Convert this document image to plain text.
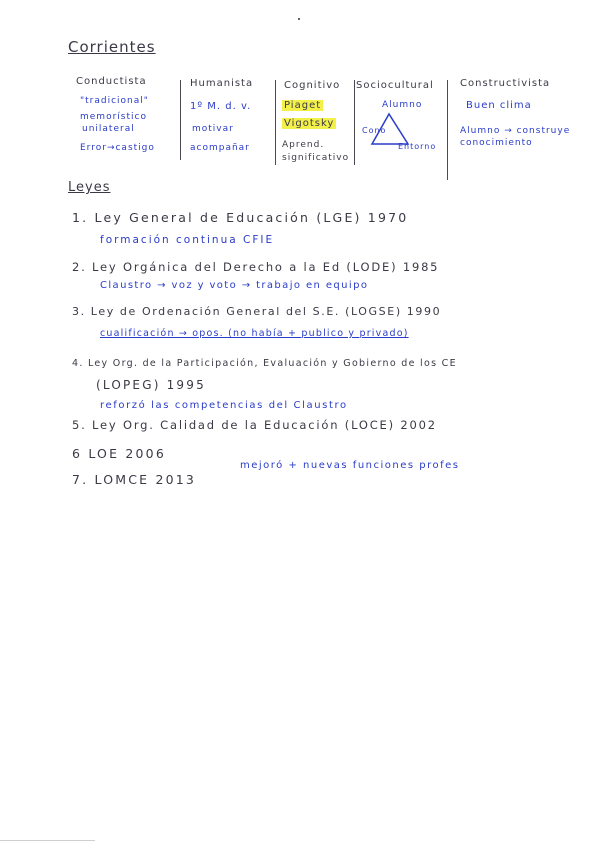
Corrientes
Conductista
"tradicional"
memorístico
unilateral
Error→castigo
Humanista
1º M. d. v.
motivar
acompañar
Cognitivo
Piaget
Vigotsky
Aprend.
significativo
Sociocultural
Alumno
Cono
Entorno
Constructivista
Buen clima
Alumno → construye
conocimiento
Leyes
1. Ley General de Educación (LGE) 1970
formación continua CFIE
2. Ley Orgánica del Derecho a la Ed (LODE) 1985
Claustro → voz y voto → trabajo en equipo
3. Ley de Ordenación General del S.E. (LOGSE) 1990
cualificación → opos. (no había + publico y privado)
4. Ley Org. de la Participación, Evaluación y Gobierno de los CE
(LOPEG) 1995
reforzó las competencias del Claustro
5. Ley Org. Calidad de la Educación (LOCE) 2002
6 LOE 2006
mejoró + nuevas funciones profes
7. LOMCE 2013
